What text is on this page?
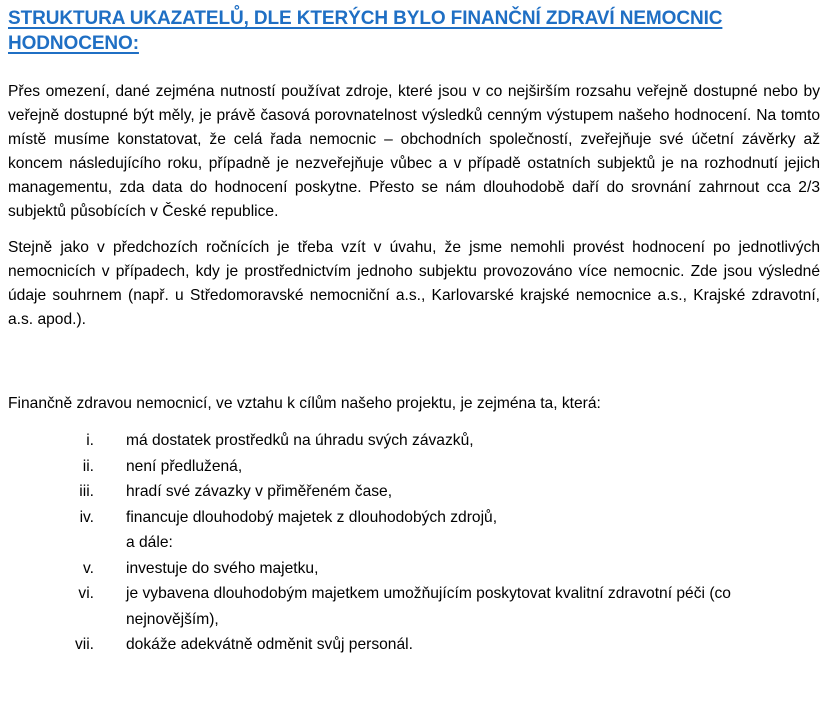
STRUKTURA UKAZATELŮ, DLE KTERÝCH BYLO FINANČNÍ ZDRAVÍ NEMOCNIC HODNOCENO:

Přes omezení, dané zejména nutností používat zdroje, které jsou v co nejširším rozsahu veřejně dostupné nebo by veřejně dostupné být měly, je právě časová porovnatelnost výsledků cenným výstupem našeho hodnocení. Na tomto místě musíme konstatovat, že celá řada nemocnic – obchodních společností, zveřejňuje své účetní závěrky až koncem následujícího roku, případně je nezveřejňuje vůbec a v případě ostatních subjektů je na rozhodnutí jejich managementu, zda data do hodnocení poskytne. Přesto se nám dlouhodobě daří do srovnání zahrnout cca 2/3 subjektů působících v České republice.

Stejně jako v předchozích ročnících je třeba vzít v úvahu, že jsme nemohli provést hodnocení po jednotlivých nemocnicích v případech, kdy je prostřednictvím jednoho subjektu provozováno více nemocnic. Zde jsou výsledné údaje souhrnem (např. u Středomoravské nemocniční a.s., Karlovarské krajské nemocnice a.s., Krajské zdravotní, a.s. apod.).

Finančně zdravou nemocnicí, ve vztahu k cílům našeho projektu, je zejména ta, která:

i.	má dostatek prostředků na úhradu svých závazků,
ii.	není předlužená,
iii.	hradí své závazky v přiměřeném čase,
iv.	financuje dlouhodobý majetek z dlouhodobých zdrojů,
a dále:
v.	investuje do svého majetku,
vi.	je vybavena dlouhodobým majetkem umožňujícím poskytovat kvalitní zdravotní péči (co nejnovějším),
vii.	dokáže adekvátně odměnit svůj personál.
